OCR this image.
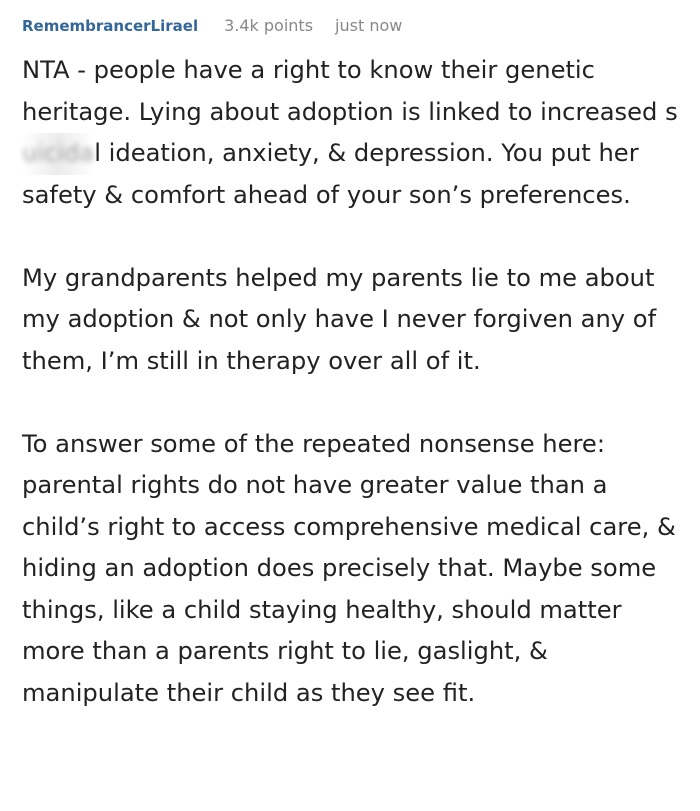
RemembrancerLirael 3.4k points just now

NTA - people have a right to know their genetic heritage. Lying about adoption is linked to increased suicidal ideation, anxiety, & depression. You put her safety & comfort ahead of your son’s preferences.

My grandparents helped my parents lie to me about my adoption & not only have I never forgiven any of them, I’m still in therapy over all of it.

To answer some of the repeated nonsense here: parental rights do not have greater value than a child’s right to access comprehensive medical care, & hiding an adoption does precisely that. Maybe some things, like a child staying healthy, should matter more than a parents right to lie, gaslight, & manipulate their child as they see fit.
